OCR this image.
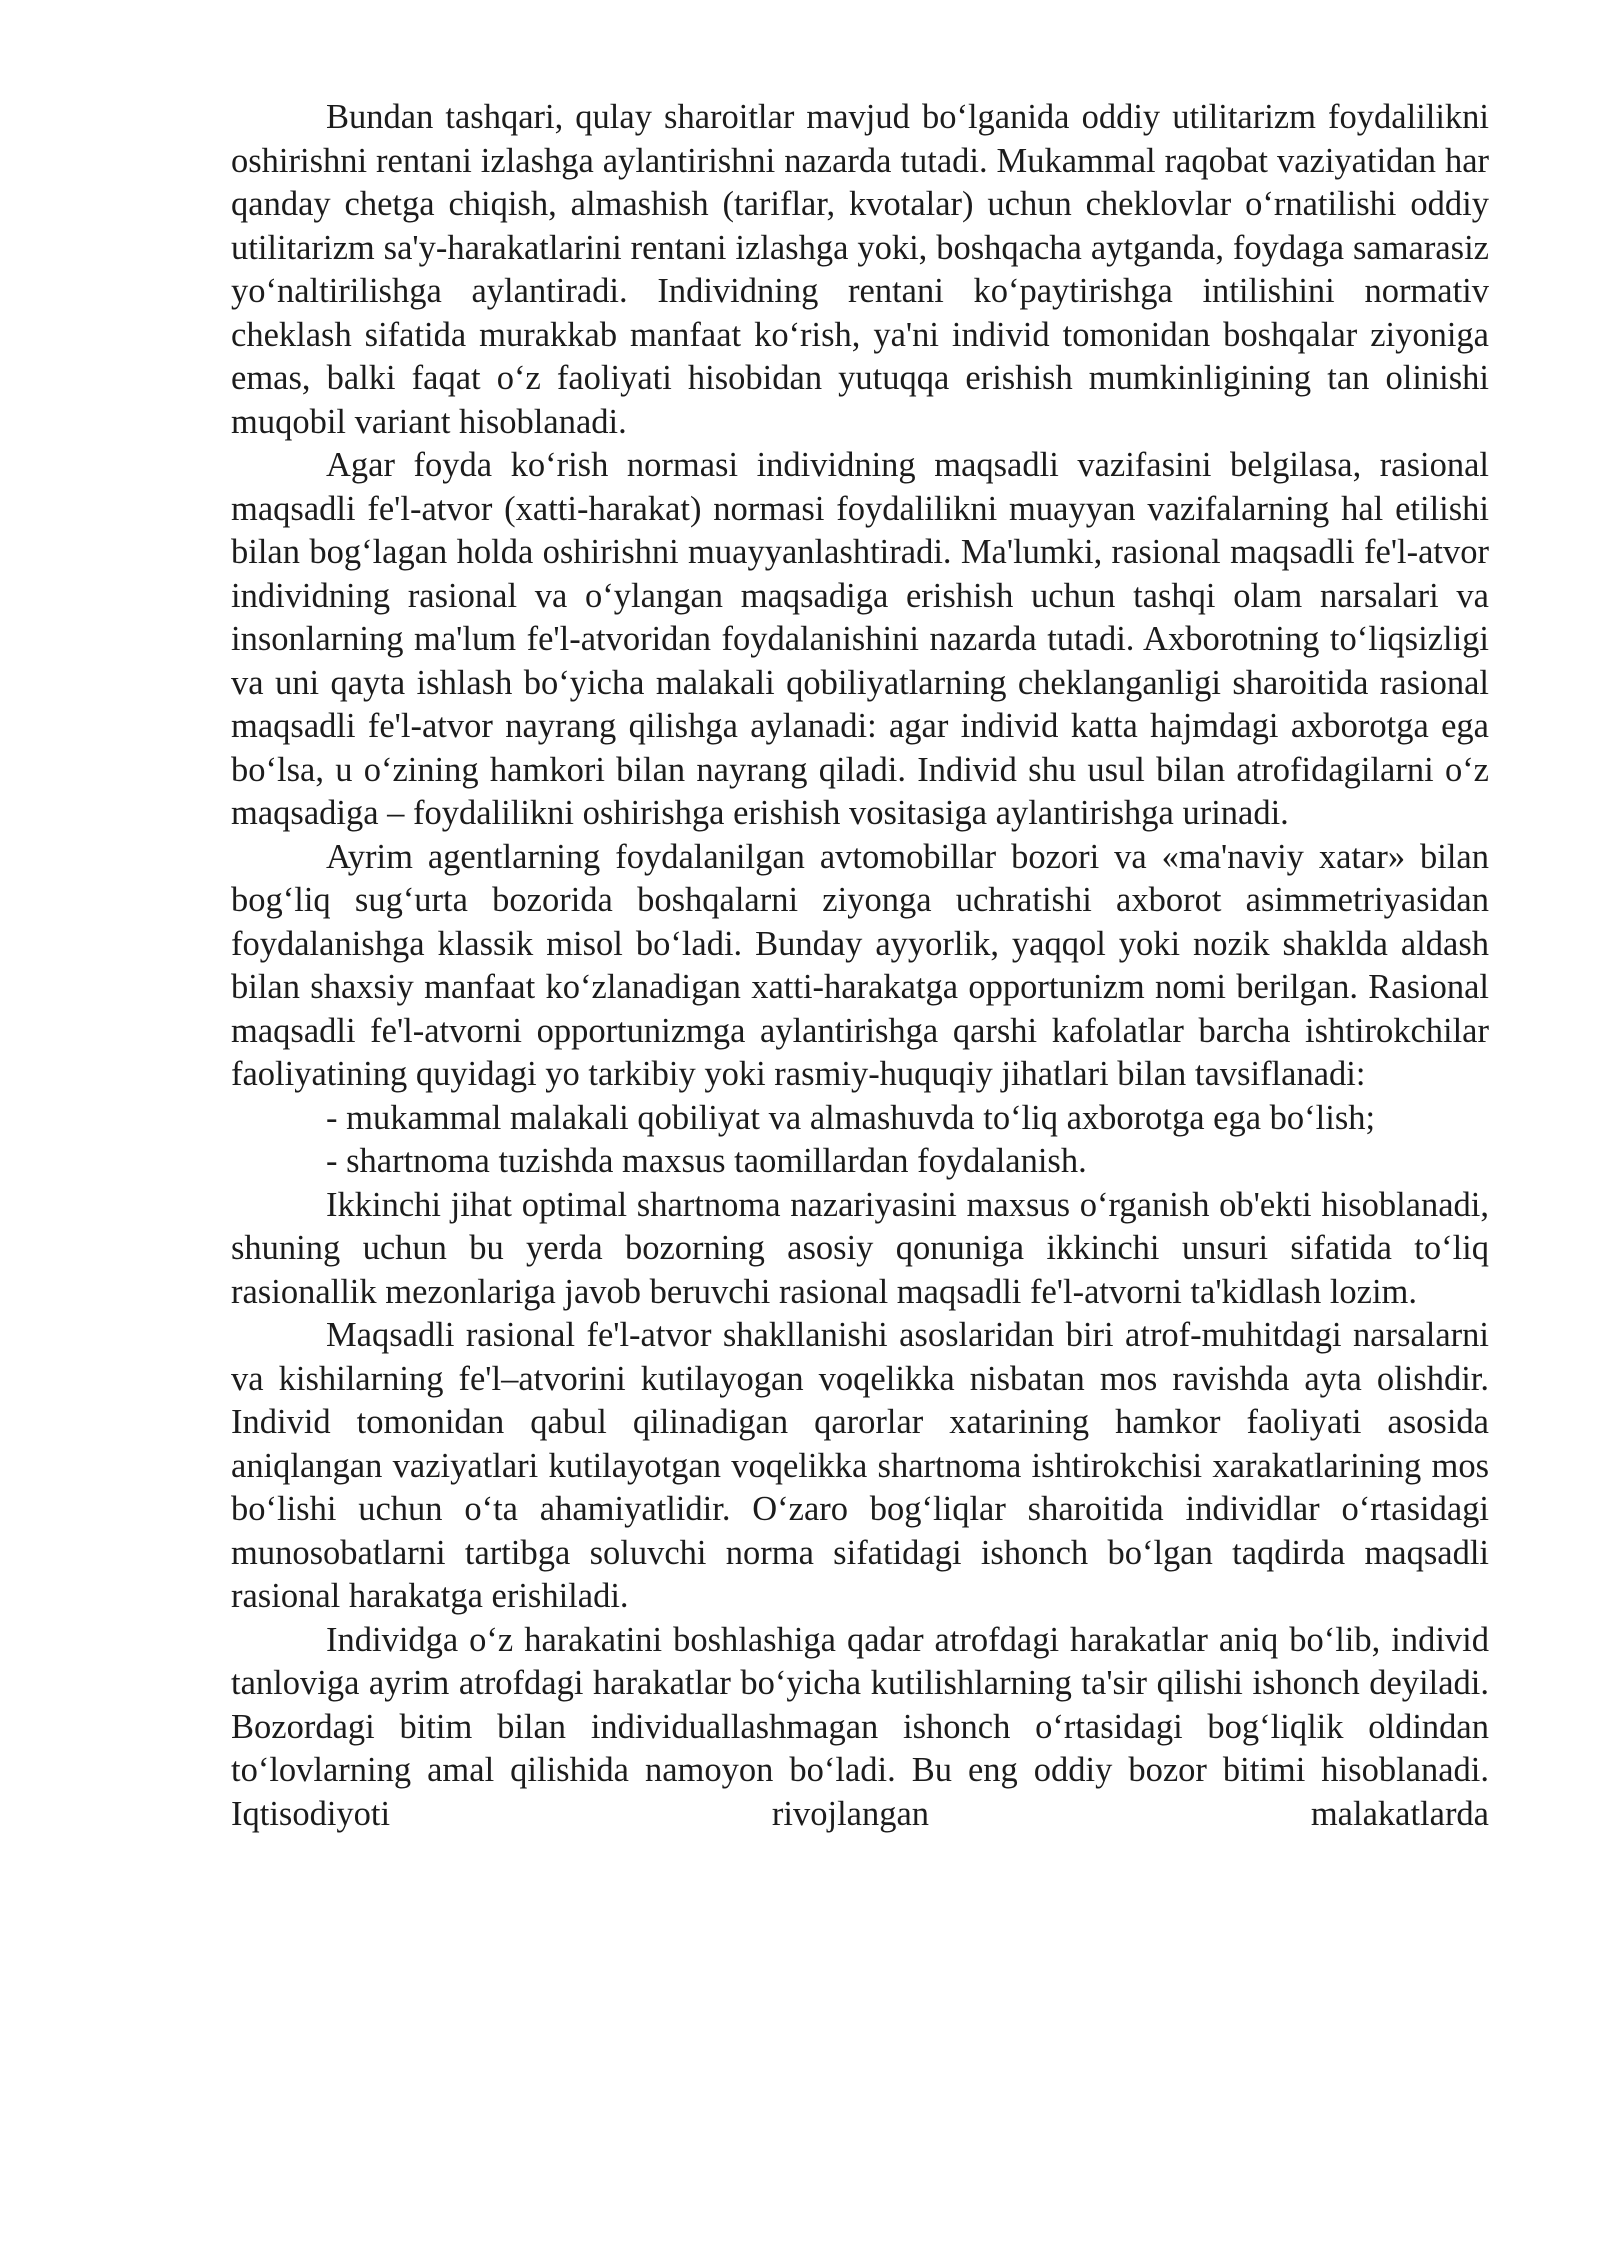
Bundan tashqari, qulay sharoitlar mavjud bo‘lganida oddiy utilitarizm foydalilikni oshirishni rentani izlashga aylantirishni nazarda tutadi. Mukammal raqobat vaziyatidan har qanday chetga chiqish, almashish (tariflar, kvotalar) uchun cheklovlar o‘rnatilishi oddiy utilitarizm sa'y-harakatlarini rentani izlashga yoki, boshqacha aytganda, foydaga samarasiz yo‘naltirilishga aylantiradi. Individning rentani ko‘paytirishga intilishini normativ cheklash sifatida murakkab manfaat ko‘rish, ya'ni individ tomonidan boshqalar ziyoniga emas, balki faqat o‘z faoliyati hisobidan yutuqqa erishish mumkinligining tan olinishi muqobil variant hisoblanadi.

Agar foyda ko‘rish normasi individning maqsadli vazifasini belgilasa, rasional maqsadli fe'l-atvor (xatti-harakat) normasi foydalilikni muayyan vazifalarning hal etilishi bilan bog‘lagan holda oshirishni muayyanlashtiradi. Ma'lumki, rasional maqsadli fe'l-atvor individning rasional va o‘ylangan maqsadiga erishish uchun tashqi olam narsalari va insonlarning ma'lum fe'l-atvoridan foydalanishini nazarda tutadi. Axborotning to‘liqsizligi va uni qayta ishlash bo‘yicha malakali qobiliyatlarning cheklanganligi sharoitida rasional maqsadli fe'l-atvor nayrang qilishga aylanadi: agar individ katta hajmdagi axborotga ega bo‘lsa, u o‘zining hamkori bilan nayrang qiladi. Individ shu usul bilan atrofidagilarni o‘z maqsadiga – foydalilikni oshirishga erishish vositasiga aylantirishga urinadi.

Ayrim agentlarning foydalanilgan avtomobillar bozori va «ma'naviy xatar» bilan bog‘liq sug‘urta bozorida boshqalarni ziyonga uchratishi axborot asimmetriyasidan foydalanishga klassik misol bo‘ladi. Bunday ayyorlik, yaqqol yoki nozik shaklda aldash bilan shaxsiy manfaat ko‘zlanadigan xatti-harakatga opportunizm nomi berilgan. Rasional maqsadli fe'l-atvorni opportunizmga aylantirishga qarshi kafolatlar barcha ishtirokchilar faoliyatining quyidagi yo tarkibiy yoki rasmiy-huquqiy jihatlari bilan tavsiflanadi:

- mukammal malakali qobiliyat va almashuvda to‘liq axborotga ega bo‘lish;

- shartnoma tuzishda maxsus taomillardan foydalanish.

Ikkinchi jihat optimal shartnoma nazariyasini maxsus o‘rganish ob'ekti hisoblanadi, shuning uchun bu yerda bozorning asosiy qonuniga ikkinchi unsuri sifatida to‘liq rasionallik mezonlariga javob beruvchi rasional maqsadli fe'l-atvorni ta'kidlash lozim.

Maqsadli rasional fe'l-atvor shakllanishi asoslaridan biri atrof-muhitdagi narsalarni va kishilarning fe'l–atvorini kutilayogan voqelikka nisbatan mos ravishda ayta olishdir. Individ tomonidan qabul qilinadigan qarorlar xatarining hamkor faoliyati asosida aniqlangan vaziyatlari kutilayotgan voqelikka shartnoma ishtirokchisi xarakatlarining mos bo‘lishi uchun o‘ta ahamiyatlidir. O‘zaro bog‘liqlar sharoitida individlar o‘rtasidagi munosobatlarni tartibga soluvchi norma sifatidagi ishonch bo‘lgan taqdirda maqsadli rasional harakatga erishiladi.

Individga o‘z harakatini boshlashiga qadar atrofdagi harakatlar aniq bo‘lib, individ tanloviga ayrim atrofdagi harakatlar bo‘yicha kutilishlarning ta'sir qilishi ishonch deyiladi. Bozordagi bitim bilan individuallashmagan ishonch o‘rtasidagi bog‘liqlik oldindan to‘lovlarning amal qilishida namoyon bo‘ladi. Bu eng oddiy bozor bitimi hisoblanadi. Iqtisodiyoti rivojlangan malakatlarda
